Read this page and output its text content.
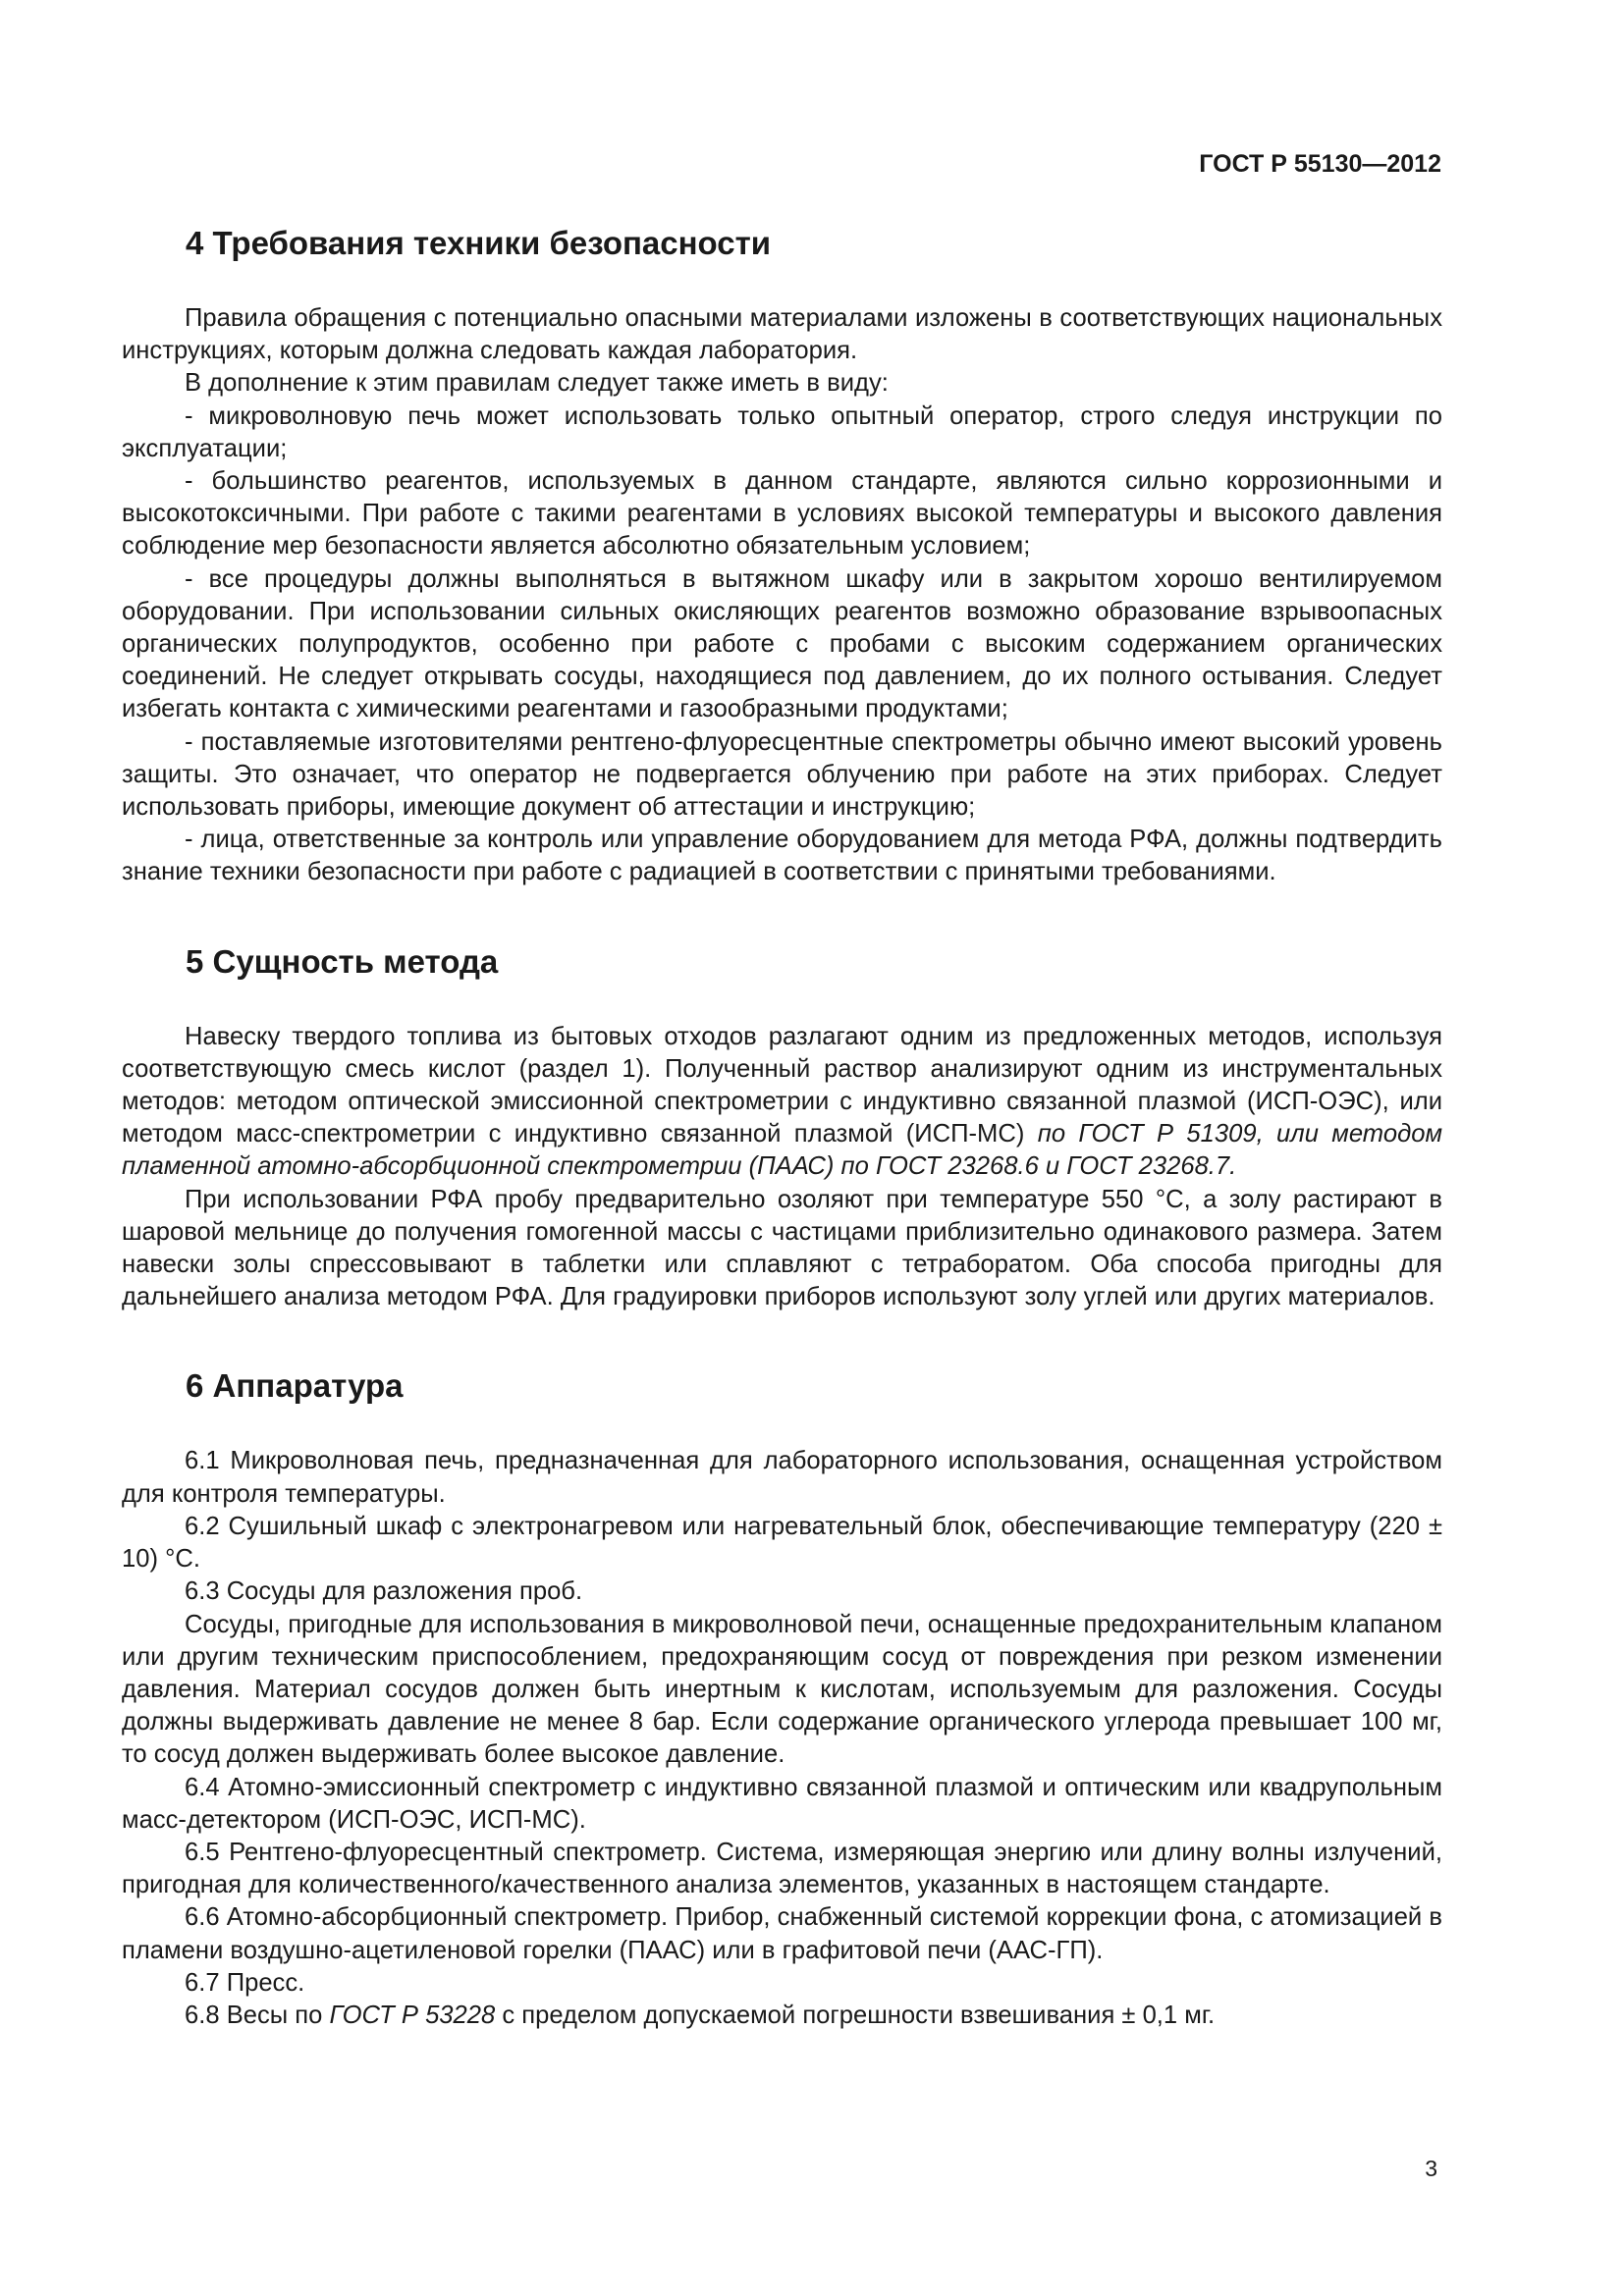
ГОСТ Р 55130—2012
4 Требования техники безопасности

Правила обращения с потенциально опасными материалами изложены в соответствующих национальных инструкциях, которым должна следовать каждая лаборатория.

В дополнение к этим правилам следует также иметь в виду:

- микроволновую печь может использовать только опытный оператор, строго следуя инструкции по эксплуатации;

- большинство реагентов, используемых в данном стандарте, являются сильно коррозионными и высокотоксичными. При работе с такими реагентами в условиях высокой температуры и высокого давления соблюдение мер безопасности является абсолютно обязательным условием;

- все процедуры должны выполняться в вытяжном шкафу или в закрытом хорошо вентилируемом оборудовании. При использовании сильных окисляющих реагентов возможно образование взрывоопасных органических полупродуктов, особенно при работе с пробами с высоким содержанием органических соединений. Не следует открывать сосуды, находящиеся под давлением, до их полного остывания. Следует избегать контакта с химическими реагентами и газообразными продуктами;

- поставляемые изготовителями рентгено-флуоресцентные спектрометры обычно имеют высокий уровень защиты. Это означает, что оператор не подвергается облучению при работе на этих приборах. Следует использовать приборы, имеющие документ об аттестации и инструкцию;

- лица, ответственные за контроль или управление оборудованием для метода РФА, должны подтвердить знание техники безопасности при работе с радиацией в соответствии с принятыми требованиями.

5 Сущность метода

Навеску твердого топлива из бытовых отходов разлагают одним из предложенных методов, используя соответствующую смесь кислот (раздел 1). Полученный раствор анализируют одним из инструментальных методов: методом оптической эмиссионной спектрометрии с индуктивно связанной плазмой (ИСП-ОЭС), или методом масс-спектрометрии с индуктивно связанной плазмой (ИСП-МС) по ГОСТ Р 51309, или методом пламенной атомно-абсорбционной спектрометрии (ПААС) по ГОСТ 23268.6 и ГОСТ 23268.7.

При использовании РФА пробу предварительно озоляют при температуре 550 °С, а золу растирают в шаровой мельнице до получения гомогенной массы с частицами приблизительно одинакового размера. Затем навески золы спрессовывают в таблетки или сплавляют с тетраборатом. Оба способа пригодны для дальнейшего анализа методом РФА. Для градуировки приборов используют золу углей или других материалов.

6 Аппаратура

6.1 Микроволновая печь, предназначенная для лабораторного использования, оснащенная устройством для контроля температуры.

6.2 Сушильный шкаф с электронагревом или нагревательный блок, обеспечивающие температуру (220 ± 10) °С.

6.3 Сосуды для разложения проб.

Сосуды, пригодные для использования в микроволновой печи, оснащенные предохранительным клапаном или другим техническим приспособлением, предохраняющим сосуд от повреждения при резком изменении давления. Материал сосудов должен быть инертным к кислотам, используемым для разложения. Сосуды должны выдерживать давление не менее 8 бар. Если содержание органического углерода превышает 100 мг, то сосуд должен выдерживать более высокое давление.

6.4 Атомно-эмиссионный спектрометр с индуктивно связанной плазмой и оптическим или квадрупольным масс-детектором (ИСП-ОЭС, ИСП-МС).

6.5 Рентгено-флуоресцентный спектрометр. Система, измеряющая энергию или длину волны излучений, пригодная для количественного/качественного анализа элементов, указанных в настоящем стандарте.

6.6 Атомно-абсорбционный спектрометр. Прибор, снабженный системой коррекции фона, с атомизацией в пламени воздушно-ацетиленовой горелки (ПААС) или в графитовой печи (ААС-ГП).

6.7 Пресс.

6.8 Весы по ГОСТ Р 53228 с пределом допускаемой погрешности взвешивания ± 0,1 мг.

3
